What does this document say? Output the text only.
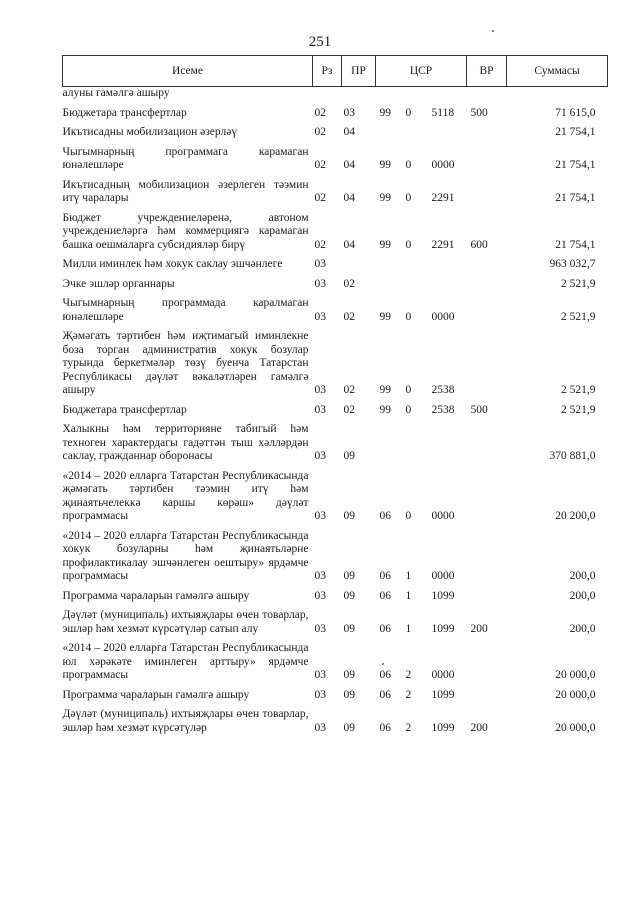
251
Исеме	Рз	ПР	ЦСР			ВР	Суммасы
алуны гамәлгә ашыру							

Бюджетара трансфертлар	02	03	99	0	5118	500	71 615,0

Икътисадны мобилизацион әзерләү	02	04					21 754,1

Чыгымнарның программага карамаган юнәлешләре	02	04	99	0	0000		21 754,1

Икътисадның мобилизацион әзерлеген тәэмин итү чаралары	02	04	99	0	2291		21 754,1

Бюджет учреждениеләренә, автоном учреждениеләргә һәм коммерциягә карамаган башка оешмаларга субсидияләр бирү	02	04	99	0	2291	600	21 754,1

Милли иминлек һәм хокук саклау эшчәнлеге	03						963 032,7

Эчке эшләр органнары	03	02					2 521,9

Чыгымнарның программада каралмаган юнәлешләре	03	02	99	0	0000		2 521,9

Җәмәгать тәртибен һәм иҗтимагый иминлекне боза торган административ хокук бозулар турында беркетмәләр төзү буенча Татарстан Республикасы дәүләт вәкаләтләрен гамәлгә ашыру	03	02	99	0	2538		2 521,9

Бюджетара трансфертлар	03	02	99	0	2538	500	2 521,9

Халыкны һәм территорияне табигый һәм техноген характердагы гадәттән тыш хәлләрдән саклау, гражданнар оборонасы	03	09					370 881,0

«2014 – 2020 елларга Татарстан Республикасында җәмәгать тәртибен тәэмин итү һәм җинаятьчелеккә каршы көрәш» дәүләт программасы	03	09	06	0	0000		20 200,0

«2014 – 2020 елларга Татарстан Республикасында хокук бозуларны һәм җинаятьләрне профилактикалау эшчәнлеген оештыру» ярдәмче программасы	03	09	06	1	0000		200,0

Программа чараларын гамәлгә ашыру	03	09	06	1	1099		200,0

Дәүләт (муниципаль) ихтыяҗлары өчен товарлар, эшләр һәм хезмәт күрсәтүләр сатып алу	03	09	06	1	1099	200	200,0

«2014 – 2020 елларга Татарстан Республикасында юл хәрәкәте иминлеген арттыру» ярдәмче программасы	03	09	06	2	0000		20 000,0

Программа чараларын гамәлгә ашыру	03	09	06	2	1099		20 000,0

Дәүләт (муниципаль) ихтыяҗлары өчен товарлар, эшләр һәм хезмәт күрсәтүләр	03	09	06	2	1099	200	20 000,0
